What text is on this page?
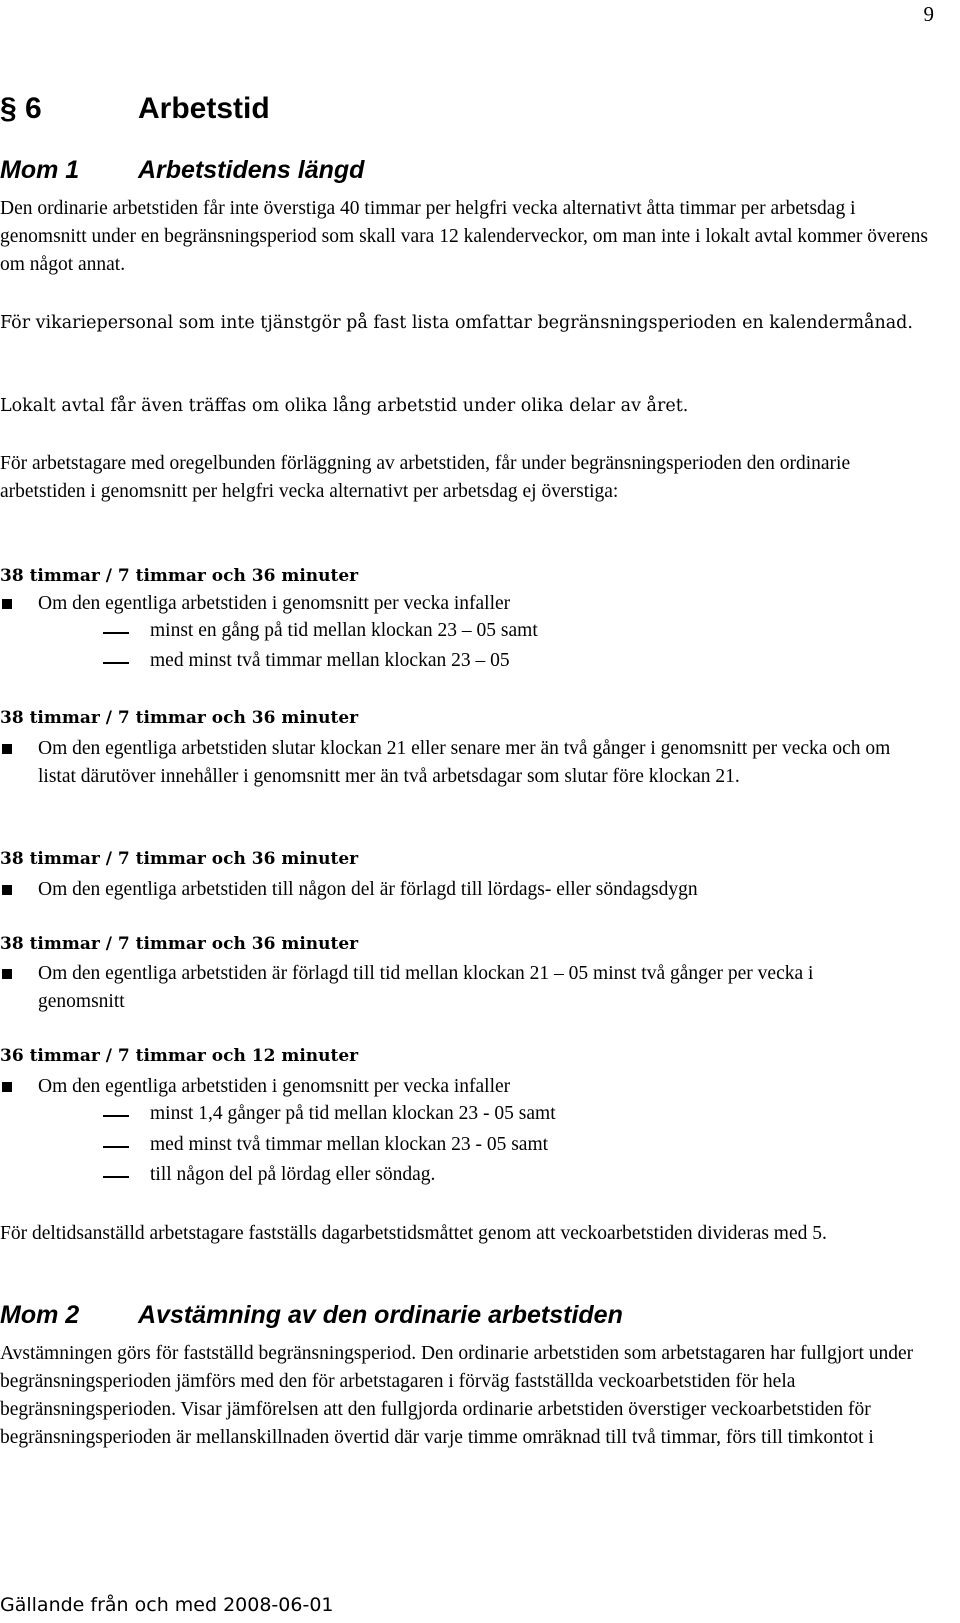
9
§ 6	Arbetstid
Mom 1 Arbetstidens längd
Den ordinarie arbetstiden får inte överstiga 40 timmar per helgfri vecka alternativt åtta timmar per arbetsdag i genomsnitt under en begränsningsperiod som skall vara 12 kalenderveckor, om man inte i lokalt avtal kommer överens om något annat.
För vikariepersonal som inte tjänstgör på fast lista omfattar begränsningsperioden en kalendermånad.
Lokalt avtal får även träffas om olika lång arbetstid under olika delar av året.
För arbetstagare med oregelbunden förläggning av arbetstiden, får under begränsningsperioden den ordinarie arbetstiden i genomsnitt per helgfri vecka alternativt per arbetsdag ej överstiga:
38 timmar / 7 timmar och 36 minuter
Om den egentliga arbetstiden i genomsnitt per vecka infaller
minst en gång på tid mellan klockan 23 – 05 samt
med minst två timmar mellan klockan 23 – 05
38 timmar / 7 timmar och 36 minuter
Om den egentliga arbetstiden slutar klockan 21 eller senare mer än två gånger i genomsnitt per vecka och om listat därutöver innehåller i genomsnitt mer än två arbetsdagar som slutar före klockan 21.
38 timmar / 7 timmar och 36 minuter
Om den egentliga arbetstiden till någon del är förlagd till lördags- eller söndagsdygn
38 timmar / 7 timmar och 36 minuter
Om den egentliga arbetstiden är förlagd till tid mellan klockan 21 – 05 minst två gånger per vecka i genomsnitt
36 timmar / 7 timmar och 12 minuter
Om den egentliga arbetstiden i genomsnitt per vecka infaller
minst 1,4 gånger på tid mellan klockan 23 - 05 samt
med minst två timmar mellan klockan 23 - 05 samt
till någon del på lördag eller söndag.
För deltidsanställd arbetstagare fastställs dagarbetstidsmåttet genom att veckoarbetstiden divideras med 5.
Mom 2 Avstämning av den ordinarie arbetstiden
Avstämningen görs för fastställd begränsningsperiod. Den ordinarie arbetstiden som arbetstagaren har fullgjort under begränsningsperioden jämförs med den för arbetstagaren i förväg fastställda veckoarbetstiden för hela begränsningsperioden. Visar jämförelsen att den fullgjorda ordinarie arbetstiden överstiger veckoarbetstiden för begränsningsperioden är mellanskillnaden övertid där varje timme omräknad till två timmar, förs till timkontot i
Gällande från och med 2008-06-01
